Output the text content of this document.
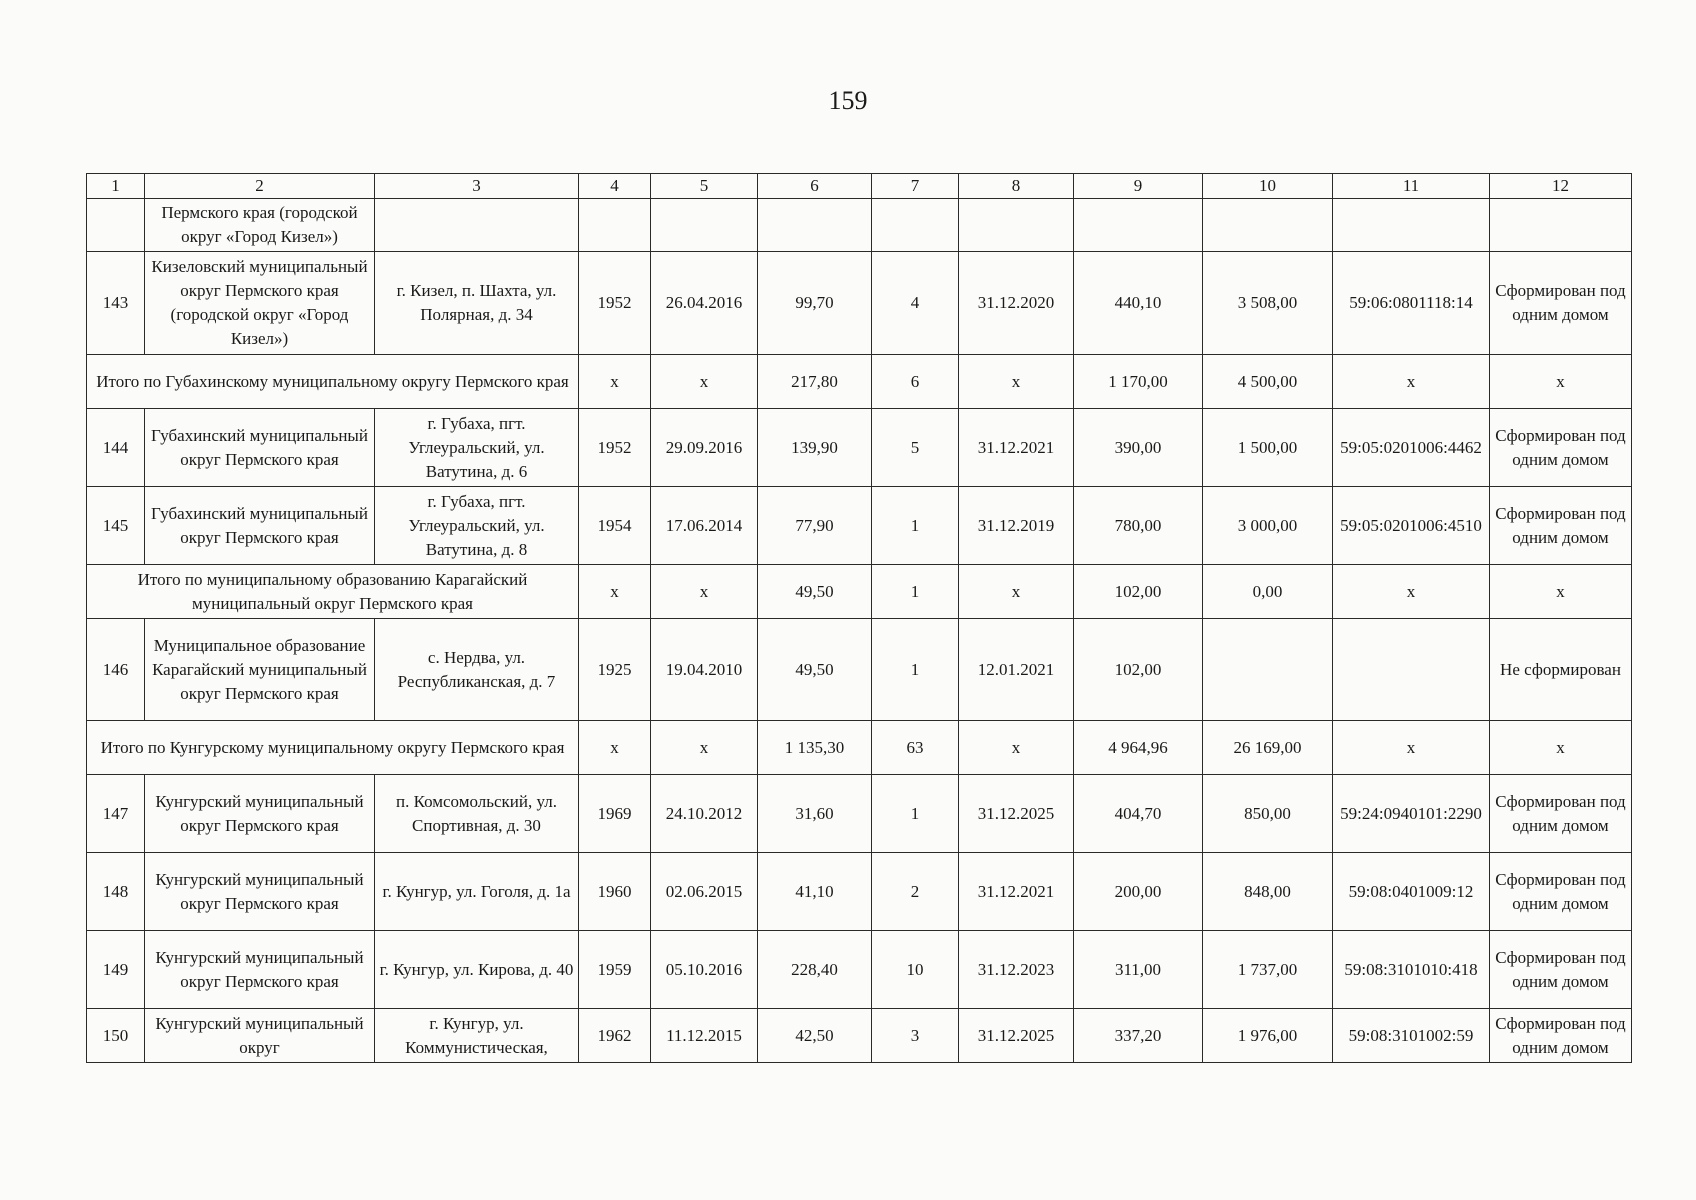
159
1	2	3	4	5	6	7	8	9	10	11	12
	Пермского края (городской округ «Город Кизел»)										
143	Кизеловский муниципальный округ Пермского края (городской округ «Город Кизел»)	г. Кизел, п. Шахта, ул. Полярная, д. 34	1952	26.04.2016	99,70	4	31.12.2020	440,10	3 508,00	59:06:0801118:14	Сформирован под одним домом
Итого по Губахинскому муниципальному округу Пермского края			x	x	217,80	6	x	1 170,00	4 500,00	x	x
144	Губахинский муниципальный округ Пермского края	г. Губаха, пгт. Углеуральский, ул. Ватутина, д. 6	1952	29.09.2016	139,90	5	31.12.2021	390,00	1 500,00	59:05:0201006:4462	Сформирован под одним домом
145	Губахинский муниципальный округ Пермского края	г. Губаха, пгт. Углеуральский, ул. Ватутина, д. 8	1954	17.06.2014	77,90	1	31.12.2019	780,00	3 000,00	59:05:0201006:4510	Сформирован под одним домом
Итого по муниципальному образованию Карагайский муниципальный округ Пермского края			x	x	49,50	1	x	102,00	0,00	x	x
146	Муниципальное образование Карагайский муниципальный округ Пермского края	с. Нердва, ул. Республиканская, д. 7	1925	19.04.2010	49,50	1	12.01.2021	102,00			Не сформирован
Итого по Кунгурскому муниципальному округу Пермского края			x	x	1 135,30	63	x	4 964,96	26 169,00	x	x
147	Кунгурский муниципальный округ Пермского края	п. Комсомольский, ул. Спортивная, д. 30	1969	24.10.2012	31,60	1	31.12.2025	404,70	850,00	59:24:0940101:2290	Сформирован под одним домом
148	Кунгурский муниципальный округ Пермского края	г. Кунгур, ул. Гоголя, д. 1а	1960	02.06.2015	41,10	2	31.12.2021	200,00	848,00	59:08:0401009:12	Сформирован под одним домом
149	Кунгурский муниципальный округ Пермского края	г. Кунгур, ул. Кирова, д. 40	1959	05.10.2016	228,40	10	31.12.2023	311,00	1 737,00	59:08:3101010:418	Сформирован под одним домом
150	Кунгурский муниципальный округ	г. Кунгур, ул. Коммунистическая,	1962	11.12.2015	42,50	3	31.12.2025	337,20	1 976,00	59:08:3101002:59	Сформирован под одним домом
